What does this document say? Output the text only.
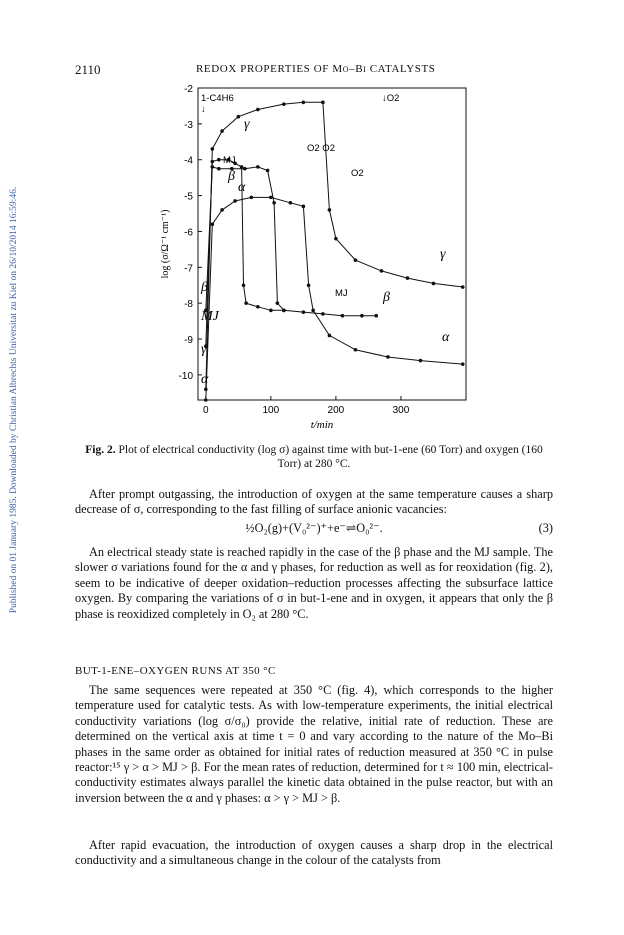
Published on 01 January 1985. Downloaded by Christian Albrechts Universitat zu Kiel on 26/10/2014 16:59:46.
2110	REDOX PROPERTIES OF Mo–Bi CATALYSTS
-2
-3
-4
-5
-6
-7
-8
-9
-10
0	100	200	300
t/min
log (σ/Ω⁻¹ cm⁻¹)
γ
β
α
γ
β
α
β
MJ
γ
α
1-C4H6
↓
↓O2
O2 O2
O2
MJ
MJ
Fig. 2. Plot of electrical conductivity (log σ) against time with but-1-ene (60 Torr) and oxygen (160 Torr) at 280 °C.

After prompt outgassing, the introduction of oxygen at the same temperature causes a sharp decrease of σ, corresponding to the fast filling of surface anionic vacancies:

½O₂(g)+(V₀²⁻)⁺+e⁻⇌O₀²⁻.	(3)

An electrical steady state is reached rapidly in the case of the β phase and the MJ sample. The slower σ variations found for the α and γ phases, for reduction as well as for reoxidation (fig. 2), seem to be indicative of deeper oxidation–reduction processes affecting the subsurface lattice oxygen. By comparing the variations of σ in but-1-ene and in oxygen, it appears that only the β phase is reoxidized completely in O₂ at 280 °C.

BUT-1-ENE–OXYGEN RUNS AT 350 °C

The same sequences were repeated at 350 °C (fig. 4), which corresponds to the higher temperature used for catalytic tests. As with low-temperature experiments, the initial electrical conductivity variations (log σ/σ₀) provide the relative, initial rate of reduction. These are determined on the vertical axis at time t = 0 and vary according to the nature of the Mo–Bi phases in the same order as obtained for initial rates of reduction measured at 350 °C in pulse reactor:¹⁵ γ > α > MJ > β. For the mean rates of reduction, determined for t ≈ 100 min, electrical-conductivity estimates always parallel the kinetic data obtained in the pulse reactor, but with an inversion between the α and γ phases: α > γ > MJ > β.

After rapid evacuation, the introduction of oxygen causes a sharp drop in the electrical conductivity and a simultaneous change in the colour of the catalysts from
